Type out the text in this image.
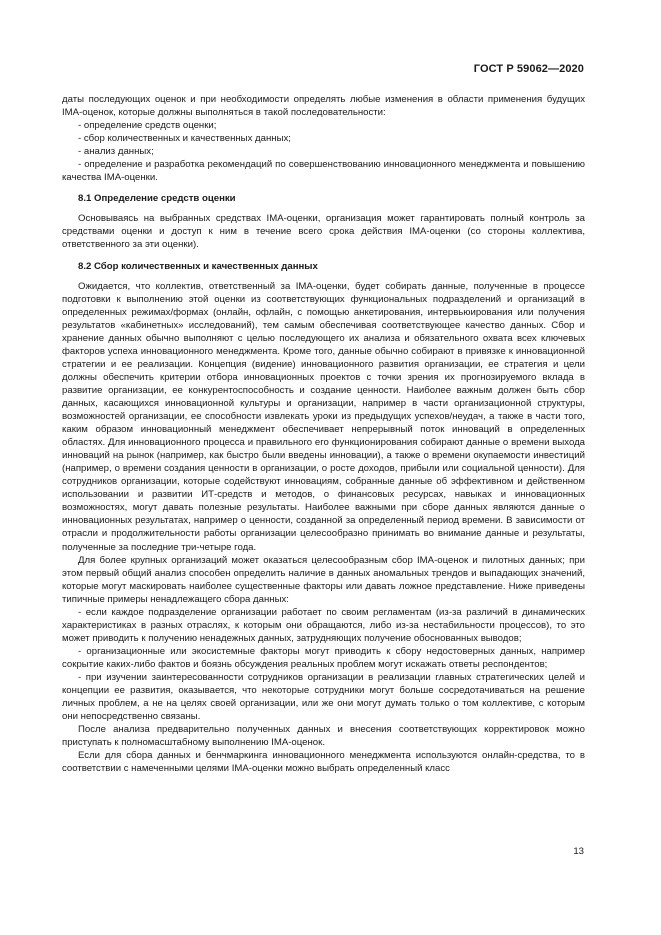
ГОСТ Р 59062—2020

даты последующих оценок и при необходимости определять любые изменения в области применения будущих IMA-оценок, которые должны выполняться в такой последовательности:

- определение средств оценки;

- сбор количественных и качественных данных;

- анализ данных;

- определение и разработка рекомендаций по совершенствованию инновационного менеджмента и повышению качества IMA-оценки.

8.1 Определение средств оценки

Основываясь на выбранных средствах IMA-оценки, организация может гарантировать полный контроль за средствами оценки и доступ к ним в течение всего срока действия IMA-оценки (со стороны коллектива, ответственного за эти оценки).

8.2 Сбор количественных и качественных данных

Ожидается, что коллектив, ответственный за IMA-оценки, будет собирать данные, полученные в процессе подготовки к выполнению этой оценки из соответствующих функциональных подразделений и организаций в определенных режимах/формах (онлайн, офлайн, с помощью анкетирования, интервьюирования или получения результатов «кабинетных» исследований), тем самым обеспечивая соответствующее качество данных. Сбор и хранение данных обычно выполняют с целью последующего их анализа и обязательного охвата всех ключевых факторов успеха инновационного менеджмента. Кроме того, данные обычно собирают в привязке к инновационной стратегии и ее реализации. Концепция (видение) инновационного развития организации, ее стратегия и цели должны обеспечить критерии отбора инновационных проектов с точки зрения их прогнозируемого вклада в развитие организации, ее конкурентоспособность и создание ценности. Наиболее важным должен быть сбор данных, касающихся инновационной культуры и организации, например в части организационной структуры, возможностей организации, ее способности извлекать уроки из предыдущих успехов/неудач, а также в части того, каким образом инновационный менеджмент обеспечивает непрерывный поток инноваций в определенных областях. Для инновационного процесса и правильного его функционирования собирают данные о времени выхода инноваций на рынок (например, как быстро были введены инновации), а также о времени окупаемости инвестиций (например, о времени создания ценности в организации, о росте доходов, прибыли или социальной ценности). Для сотрудников организации, которые содействуют инновациям, собранные данные об эффективном и действенном использовании и развитии ИТ-средств и методов, о финансовых ресурсах, навыках и инновационных возможностях, могут давать полезные результаты. Наиболее важными при сборе данных являются данные о инновационных результатах, например о ценности, созданной за определенный период времени. В зависимости от отрасли и продолжительности работы организации целесообразно принимать во внимание данные и результаты, полученные за последние три-четыре года.

Для более крупных организаций может оказаться целесообразным сбор IMA-оценок и пилотных данных; при этом первый общий анализ способен определить наличие в данных аномальных трендов и выпадающих значений, которые могут маскировать наиболее существенные факторы или давать ложное представление. Ниже приведены типичные примеры ненадлежащего сбора данных:

- если каждое подразделение организации работает по своим регламентам (из-за различий в динамических характеристиках в разных отраслях, к которым они обращаются, либо из-за нестабильности процессов), то это может приводить к получению ненадежных данных, затрудняющих получение обоснованных выводов;

- организационные или экосистемные факторы могут приводить к сбору недостоверных данных, например сокрытие каких-либо фактов и боязнь обсуждения реальных проблем могут искажать ответы респондентов;

- при изучении заинтересованности сотрудников организации в реализации главных стратегических целей и концепции ее развития, оказывается, что некоторые сотрудники могут больше сосредотачиваться на решение личных проблем, а не на целях своей организации, или же они могут думать только о том коллективе, с которым они непосредственно связаны.

После анализа предварительно полученных данных и внесения соответствующих корректировок можно приступать к полномасштабному выполнению IMA-оценок.

Если для сбора данных и бенчмаркинга инновационного менеджмента используются онлайн-средства, то в соответствии с намеченными целями IMA-оценки можно выбрать определенный класс

13
